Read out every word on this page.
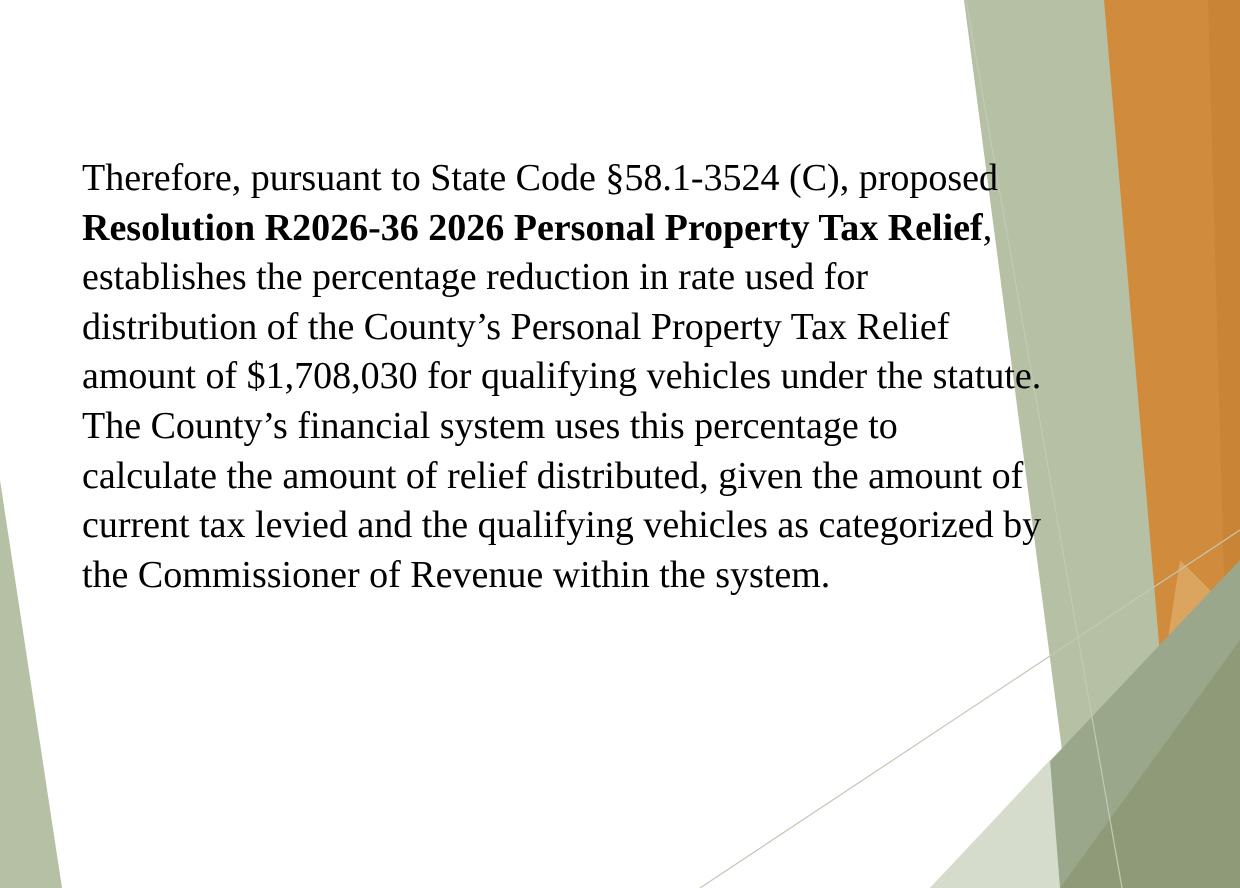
Therefore, pursuant to State Code §58.1-3524 (C), proposed Resolution R2026-36 2026 Personal Property Tax Relief, establishes the percentage reduction in rate used for distribution of the County’s Personal Property Tax Relief amount of $1,708,030 for qualifying vehicles under the statute. The County’s financial system uses this percentage to calculate the amount of relief distributed, given the amount of current tax levied and the qualifying vehicles as categorized by the Commissioner of Revenue within the system.
